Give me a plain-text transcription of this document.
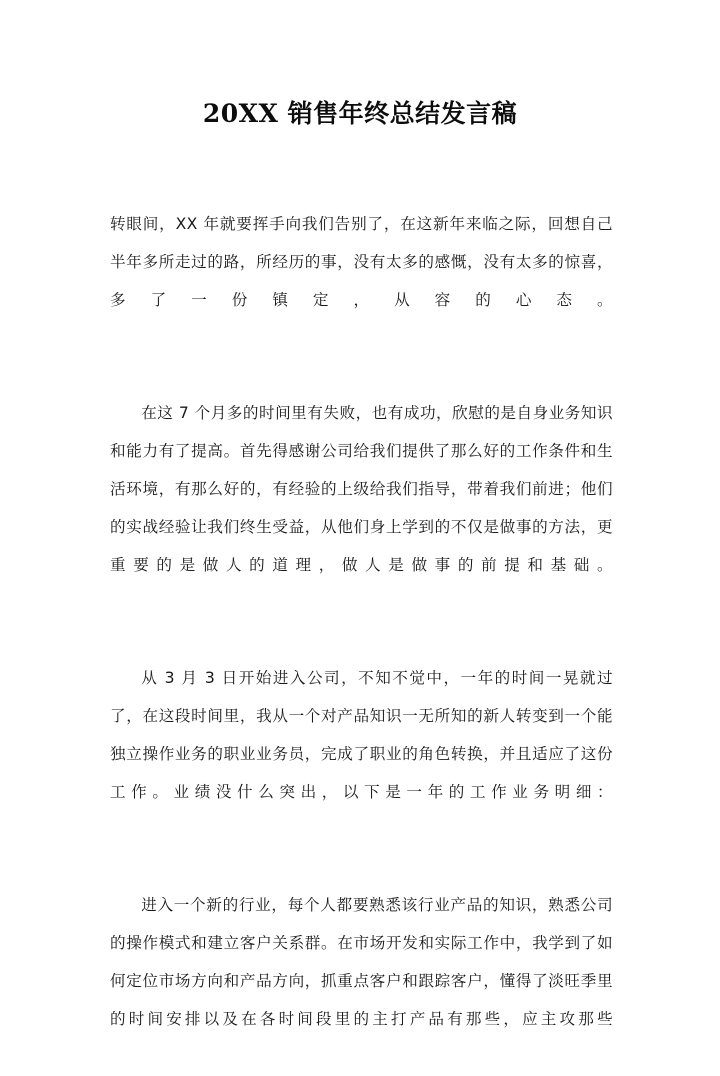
20XX 销售年终总结发言稿

转眼间，XX 年就要挥手向我们告别了，在这新年来临之际，回想自己半年多所走过的路，所经历的事，没有太多的感慨，没有太多的惊喜，多了一份镇定，从容的心态。

在这 7 个月多的时间里有失败，也有成功，欣慰的是自身业务知识和能力有了提高。首先得感谢公司给我们提供了那么好的工作条件和生活环境，有那么好的，有经验的上级给我们指导，带着我们前进；他们的实战经验让我们终生受益，从他们身上学到的不仅是做事的方法，更重要的是做人的道理，做人是做事的前提和基础。

从 3 月 3 日开始进入公司，不知不觉中，一年的时间一晃就过了，在这段时间里，我从一个对产品知识一无所知的新人转变到一个能独立操作业务的职业业务员，完成了职业的角色转换，并且适应了这份工作。业绩没什么突出，以下是一年的工作业务明细：

进入一个新的行业，每个人都要熟悉该行业产品的知识，熟悉公司的操作模式和建立客户关系群。在市场开发和实际工作中，我学到了如何定位市场方向和产品方向，抓重点客户和跟踪客户，懂得了淡旺季里的时间安排以及在各时间段里的主打产品有那些，应主攻那些
